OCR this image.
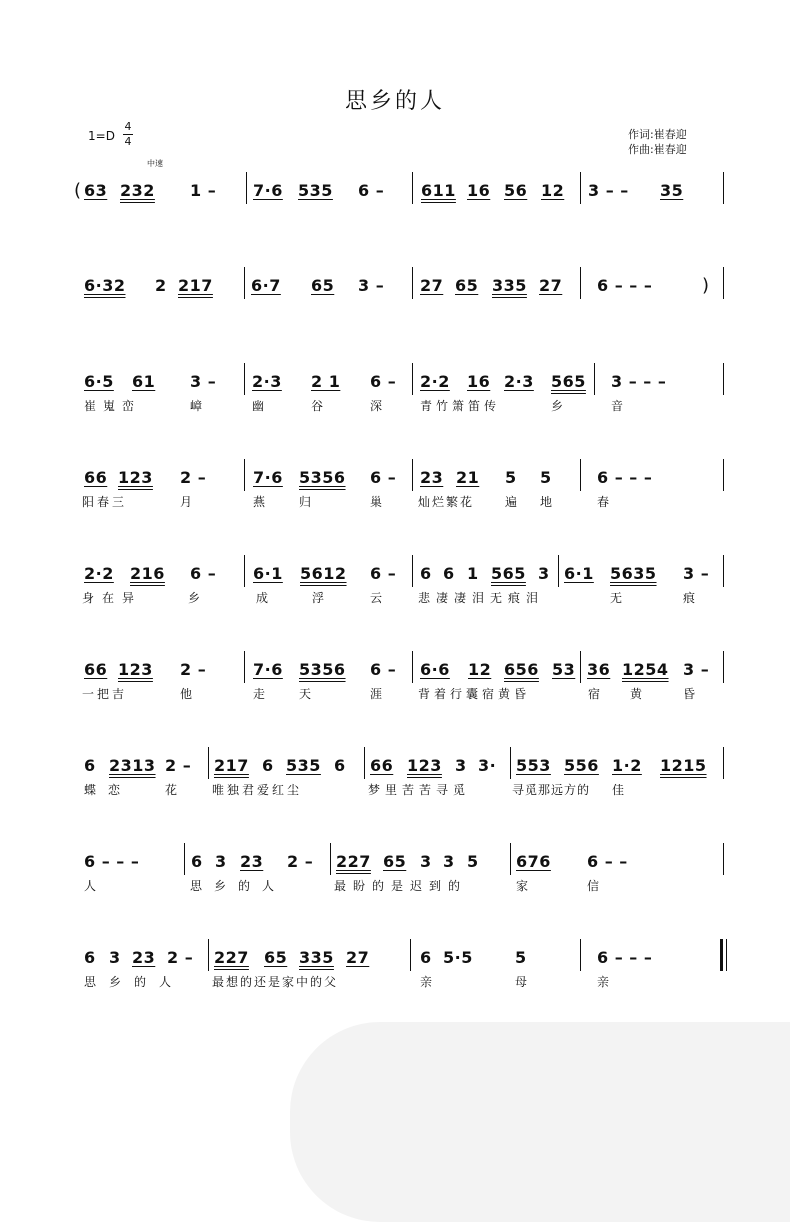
思乡的人
1=D
4
4
中速
作词:崔春迎
作曲:崔春迎
( 63 232 1 – 7·6 535 6 – 611 16 56 12 3 – – 35
6·32 2 217 6·7 65 3 – 27 65 335 27 6 – – –	)
6·5 61 3 – 2·3 2 1 6 – 2·2 16 2·3 565 3 – – –
崔嵬峦	嶂	幽	谷	深	青竹箫笛传	乡	音
66 123 2 –	7·6 5356 6 – 23 21 5 5	6 – – –
阳春三	月	燕 归	巢 灿烂繁花	遍 地	春
2·2 216 6 – 6·1 5612 6 – 6 6 1 565 3 6·1 5635 3 –
身在异	乡	成	浮	云 悲凄凄泪无痕泪	无	痕
66 123 2 –	7·6 5356 6 – 6·6 12 656 53 36 1254 3 –
一把吉	他	走 天	涯 背着行囊宿黄昏	宿 黄	昏
6 2313 2 – 217 6 535 6 66 123 3 3· 553 556 1·2 1215
蝶恋	花 唯独君爱红尘	梦里苦苦寻觅	寻觅那远方的 佳
6 – – –	6 3 23 2 – 227 65 3 3 5 676 6 – –
人	思乡的人	最盼的是迟到的	家	信
6 3 23 2 – 227 65 335 27	6 5·5	5	6 – – –
思乡的人 最想的还是家中的父	亲	母	亲
